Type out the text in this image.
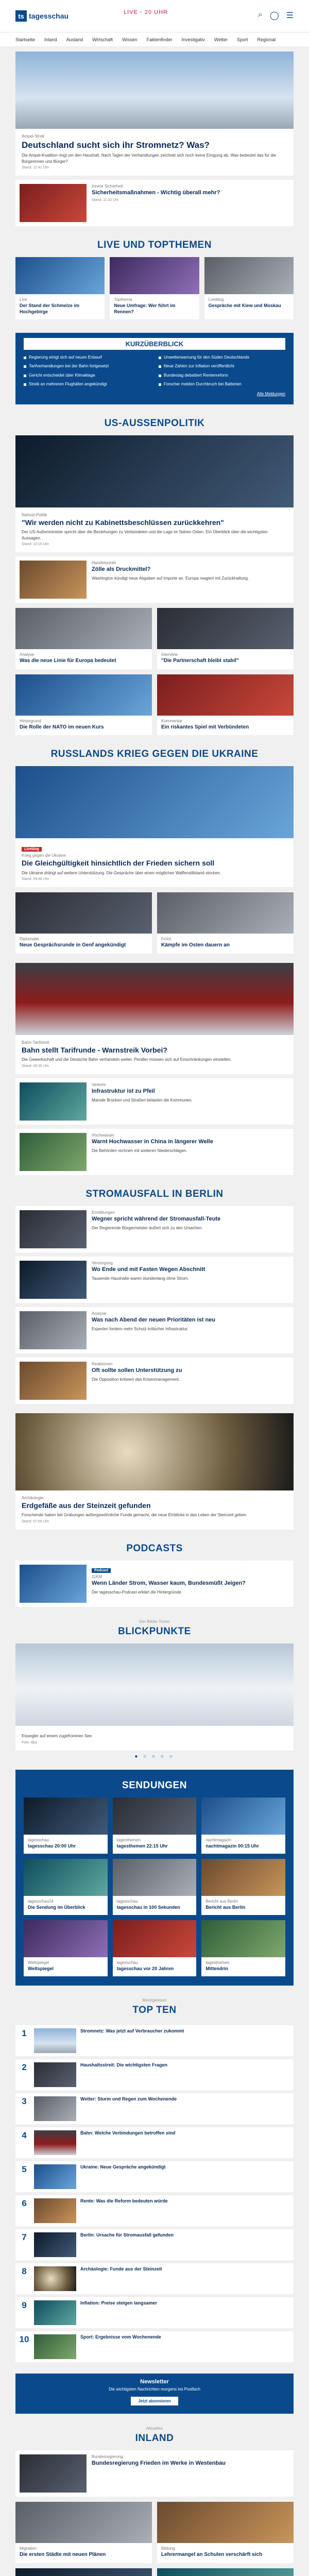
ts tagesschau	LIVE ◦ 20 UHR	⌕ ◯ ☰
Startseite Inland Ausland Wirtschaft Wissen Faktenfinder Investigativ Wetter Sport Regional
Ampel-Streit
Deutschland sucht sich ihr Stromnetz? Was?
Die Ampel-Koalition ringt um den Haushalt. Nach Tagen der Verhandlungen zeichnet sich noch keine Einigung ab. Was bedeutet das für die Bürgerinnen und Bürger?
Stand: 12:41 Uhr
Innere Sicherheit
Sicherheitsmaßnahmen - Wichtig überall mehr?
Stand: 11:02 Uhr
LIVE UND TOPTHEMEN
Live
Der Stand der Schmelze im Hochgebirge
Topthema
Neue Umfrage: Wer führt im Rennen?
Liveblog
Gespräche mit Kiew und Moskau
KURZÜBERBLICK
Regierung einigt sich auf neuen Entwurf	Unwetterwarnung für den Süden Deutschlands
Tarifverhandlungen bei der Bahn fortgesetzt	Neue Zahlen zur Inflation veröffentlicht
Gericht entscheidet über Klimaklage	Bundestag debattiert Rentenreform
Streik an mehreren Flughäfen angekündigt	Forscher melden Durchbruch bei Batterien
Alle Meldungen
US-AUSSENPOLITIK
Nahost-Politik
"Wir werden nicht zu Kabinettsbeschlüssen zurückkehren"
Der US-Außenminister spricht über die Beziehungen zu Verbündeten und die Lage im Nahen Osten. Ein Überblick über die wichtigsten Aussagen.
Stand: 10:15 Uhr
Handelsstreit
Zölle als Druckmittel?
Washington kündigt neue Abgaben auf Importe an. Europa reagiert mit Zurückhaltung.
Analyse
Was die neue Linie für Europa bedeutet
Interview
"Die Partnerschaft bleibt stabil"
Hintergrund
Die Rolle der NATO im neuen Kurs
Kommentar
Ein riskantes Spiel mit Verbündeten
RUSSLANDS KRIEG GEGEN DIE UKRAINE
Liveblog
Krieg gegen die Ukraine
Die Gleichgültigkeit hinsichtlich der Frieden sichern soll
Die Ukraine drängt auf weitere Unterstützung. Die Gespräche über einen möglichen Waffenstillstand stocken.
Stand: 09:48 Uhr
Diplomatie
Neue Gesprächsrunde in Genf angekündigt
Front
Kämpfe im Osten dauern an
Bahn-Tarifstreit
Bahn stellt Tarifrunde - Warnstreik Vorbei?
Die Gewerkschaft und die Deutsche Bahn verhandeln weiter. Pendler müssen sich auf Einschränkungen einstellen.
Stand: 08:30 Uhr
Verkehr
Infrastruktur ist zu Pfeil
Marode Brücken und Straßen belasten die Kommunen.
Hochwasser
Warnt Hochwasser in China in längerer Welle
Die Behörden rechnen mit weiteren Niederschlägen.
STROMAUSFALL IN BERLIN
Ermittlungen
Wegner spricht während der Stromausfall-Teute
Der Regierende Bürgermeister äußert sich zu den Ursachen.
Versorgung
Wo Ende und mit Fasten Wegen Abschnitt
Tausende Haushalte waren stundenlang ohne Strom.
Analyse
Was nach Abend der neuen Prioritäten ist neu
Experten fordern mehr Schutz kritischer Infrastruktur.
Reaktionen
Oft sollte sollen Unterstützung zu
Die Opposition kritisiert das Krisenmanagement.
Archäologie
Erdgefäße aus der Steinzeit gefunden
Forschende haben bei Grabungen außergewöhnliche Funde gemacht, die neue Einblicke in das Leben der Steinzeit geben.
Stand: 07:55 Uhr
PODCASTS
Podcast
11KM
Wenn Länder Strom, Wasser kaum, Bundesmüßt Jeigen?
Der tagesschau-Podcast erklärt die Hintergründe.
Der Bilder-Ticker
BLICKPUNKTE
Eissegler auf einem zugefrorenen See
Foto: dpa
● ○ ○ ○ ○
SENDUNGEN
tagesschau
tagesschau 20:00 Uhr
tagesthemen
tagesthemen 22:15 Uhr
nachtmagazin
nachtmagazin 00:15 Uhr
tagesschau24
Die Sendung im Überblick
tagesschau
tagesschau in 100 Sekunden
Bericht aus Berlin
Bericht aus Berlin
Weltspiegel
Weltspiegel
tagesschau
tagesschau vor 20 Jahren
tagesthemen
Mittendrin
Meistgelesen
TOP TEN
1	Stromnetz: Was jetzt auf Verbraucher zukommt
2	Haushaltsstreit: Die wichtigsten Fragen
3	Wetter: Sturm und Regen zum Wochenende
4	Bahn: Welche Verbindungen betroffen sind
5	Ukraine: Neue Gespräche angekündigt
6	Rente: Was die Reform bedeuten würde
7	Berlin: Ursache für Stromausfall gefunden
8	Archäologie: Funde aus der Steinzeit
9	Inflation: Preise steigen langsamer
10	Sport: Ergebnisse vom Wochenende
Newsletter
Die wichtigsten Nachrichten morgens ins Postfach
Jetzt abonnieren
Aktuelles
INLAND
Bundesregierung
Bundesregierung Frieden im Werke in Westenbau
Migration
Die ersten Städte mit neuen Plänen
Bildung
Lehrermangel an Schulen verschärft sich
